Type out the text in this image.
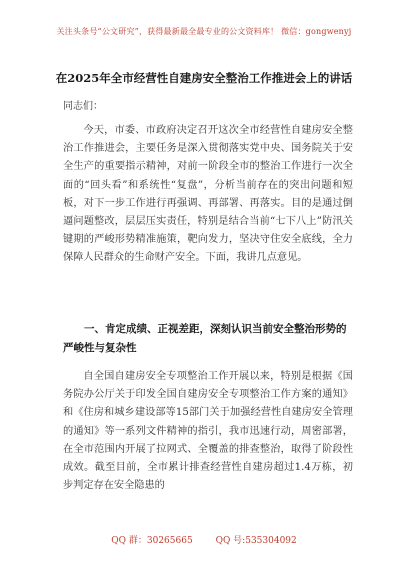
关注头条号“公文研究”，获得最新最全最专业的公文资料库！ 微信：gongwenyj
在2025年全市经营性自建房安全整治工作推进会上的讲话
同志们：

今天，市委、市政府决定召开这次全市经营性自建房安全整治工作推进会，主要任务是深入贯彻落实党中央、国务院关于安全生产的重要指示精神，对前一阶段全市的整治工作进行一次全面的“回头看”和系统性“复盘”，分析当前存在的突出问题和短板，对下一步工作进行再强调、再部署、再落实。目的是通过倒逼问题整改，层层压实责任，特别是结合当前“七下八上”防汛关键期的严峻形势精准施策，靶向发力，坚决守住安全底线，全力保障人民群众的生命财产安全。下面，我讲几点意见。

一、肯定成绩、正视差距，深刻认识当前安全整治形势的严峻性与复杂性

自全国自建房安全专项整治工作开展以来，特别是根据《国务院办公厅关于印发全国自建房安全专项整治工作方案的通知》和《住房和城乡建设部等15部门关于加强经营性自建房安全管理的通知》等一系列文件精神的指引，我市迅速行动，周密部署，在全市范围内开展了拉网式、全覆盖的排查整治，取得了阶段性成效。截至目前，全市累计排查经营性自建房超过1.4万栋，初步判定存在安全隐患的

QQ 群：30265665	QQ 号:535304092
